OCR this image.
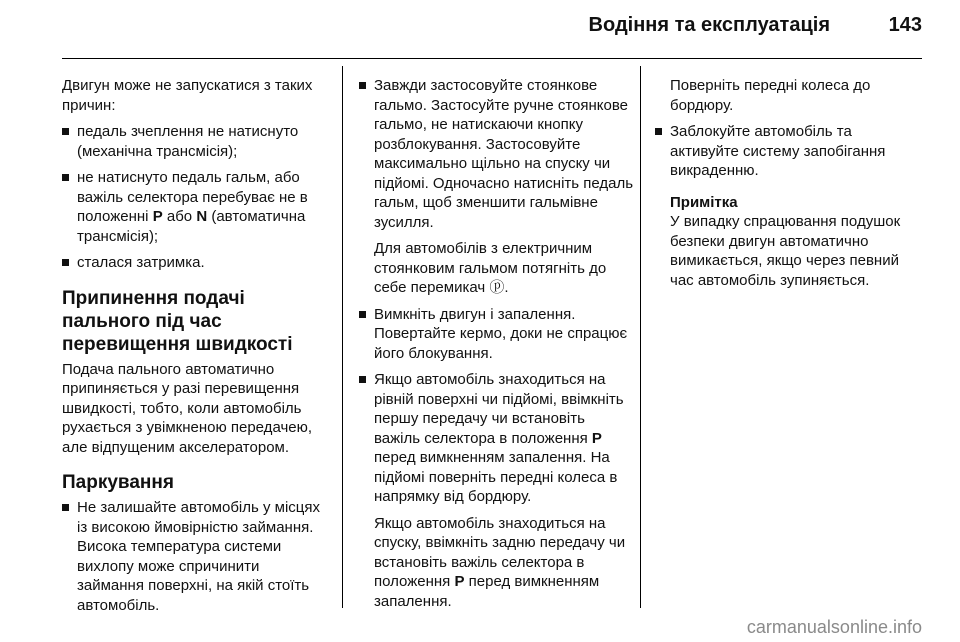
Водіння та експлуатація	143

Двигун може не запускатися з таких причин:

педаль зчеплення не натиснуто (механічна трансмісія);
не натиснуто педаль гальм, або важіль селектора перебуває не в положенні P або N (автоматична трансмісія);
сталася затримка.
Припинення подачі пального під час перевищення швидкості

Подача пального автоматично припиняється у разі перевищення швидкості, тобто, коли автомобіль рухається з увімкненою передачею, але відпущеним акселератором.

Паркування
Не залишайте автомобіль у місцях із високою ймовірністю займання. Висока температура системи вихлопу може спричинити займання поверхні, на якій стоїть автомобіль.
Завжди застосовуйте стоянкове гальмо. Застосуйте ручне стоянкове гальмо, не натискаючи кнопку розблокування. Застосовуйте максимально щільно на спуску чи підйомі. Одночасно натисніть педаль гальм, щоб зменшити гальмівне зусилля.

Для автомобілів з електричним стоянковим гальмом потягніть до себе перемикач ⓟ.

Вимкніть двигун і запалення. Повертайте кермо, доки не спрацює його блокування.
Якщо автомобіль знаходиться на рівній поверхні чи підйомі, ввімкніть першу передачу чи встановіть важіль селектора в положення P перед вимкненням запалення. На підйомі поверніть передні колеса в напрямку від бордюру.

Якщо автомобіль знаходиться на спуску, ввімкніть задню передачу чи встановіть важіль селектора в положення P перед вимкненням запалення.

Поверніть передні колеса до бордюру.

Заблокуйте автомобіль та активуйте систему запобігання викраденню.
Примітка
У випадку спрацювання подушок безпеки двигун автоматично вимикається, якщо через певний час автомобіль зупиняється.
carmanualsonline.info
